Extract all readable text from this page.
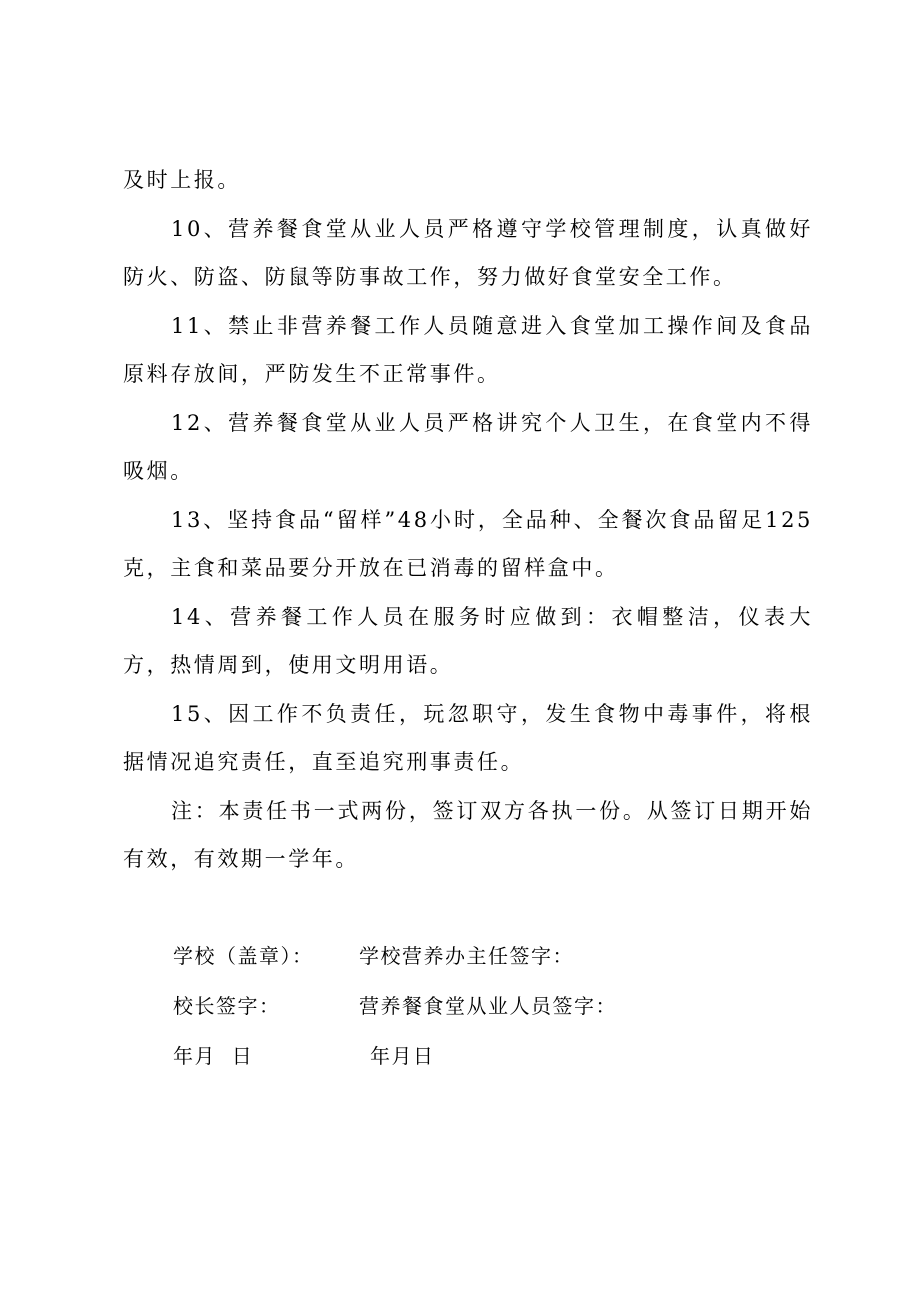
及时上报。

10、营养餐食堂从业人员严格遵守学校管理制度，认真做好防火、防盗、防鼠等防事故工作，努力做好食堂安全工作。

11、禁止非营养餐工作人员随意进入食堂加工操作间及食品原料存放间，严防发生不正常事件。

12、营养餐食堂从业人员严格讲究个人卫生，在食堂内不得吸烟。

13、坚持食品“留样”48小时，全品种、全餐次食品留足125克，主食和菜品要分开放在已消毒的留样盒中。

14、营养餐工作人员在服务时应做到：衣帽整洁，仪表大方，热情周到，使用文明用语。

15、因工作不负责任，玩忽职守，发生食物中毒事件，将根据情况追究责任，直至追究刑事责任。

注：本责任书一式两份，签订双方各执一份。从签订日期开始有效，有效期一学年。

学校（盖章）： 学校营养办主任签字：
校长签字：	营养餐食堂从业人员签字：
年月  日	年月日
